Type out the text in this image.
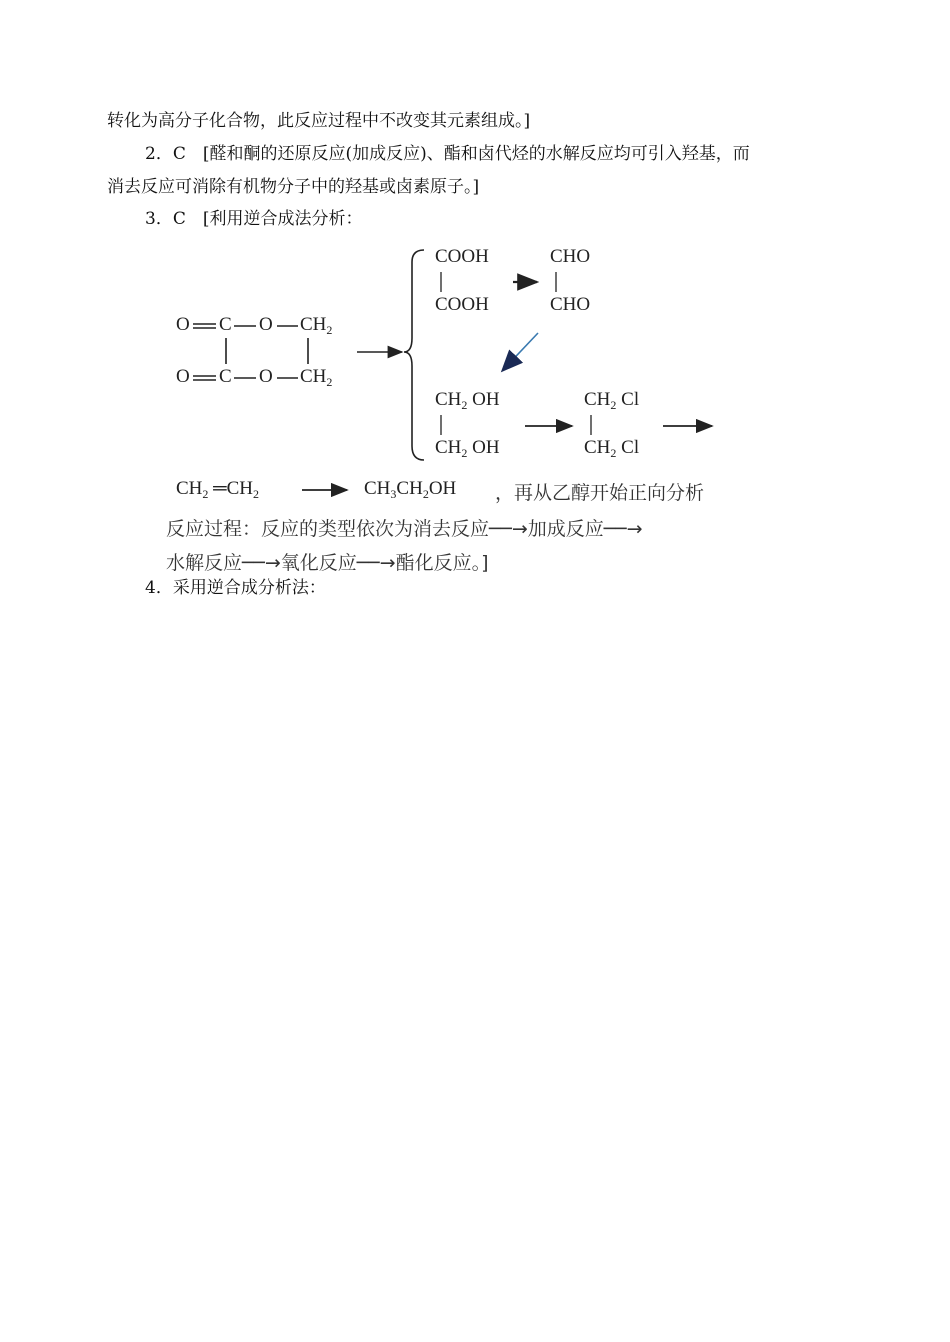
转化为高分子化合物，此反应过程中不改变其元素组成。]
2．C　[醛和酮的还原反应(加成反应)、酯和卤代烃的水解反应均可引入羟基，而
消去反应可消除有机物分子中的羟基或卤素原子。]
3．C　[利用逆合成法分析：
O C O $CH_2$
O C O $CH_2$
COOH
COOH
CHO
CHO
$CH_2$ OH
$CH_2$ OH
$CH_2$ Cl
$CH_2$ Cl
$CH_2$ $═CH_2$	$CH_3CH_2OH$ ，再从乙醇开始正向分析
反应过程：反应的类型依次为消去反应──→加成反应──→
水解反应──→氧化反应──→酯化反应。]
4．采用逆合成分析法：
